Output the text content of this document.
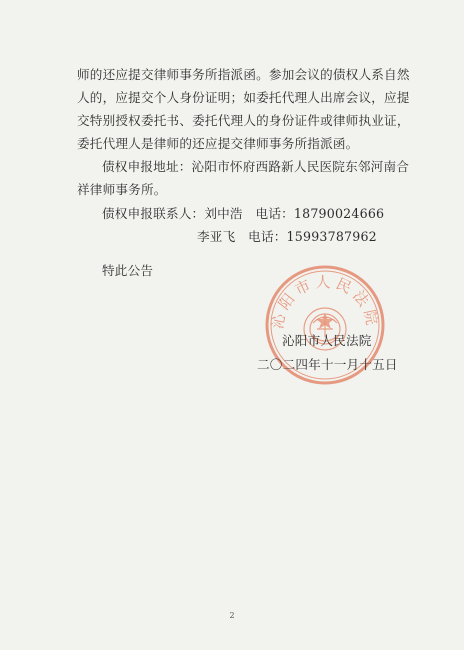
师的还应提交律师事务所指派函。参加会议的债权人系自然
人的，应提交个人身份证明；如委托代理人出席会议，应提
交特别授权委托书、委托代理人的身份证件或律师执业证，
委托代理人是律师的还应提交律师事务所指派函。
债权申报地址：沁阳市怀府西路新人民医院东邻河南合
祥律师事务所。
债权申报联系人：刘中浩　电话：18790024666
李亚飞　电话：15993787962
特此公告
沁阳市人民法院
沁阳市人民法院
二〇二四年十一月十五日
2
